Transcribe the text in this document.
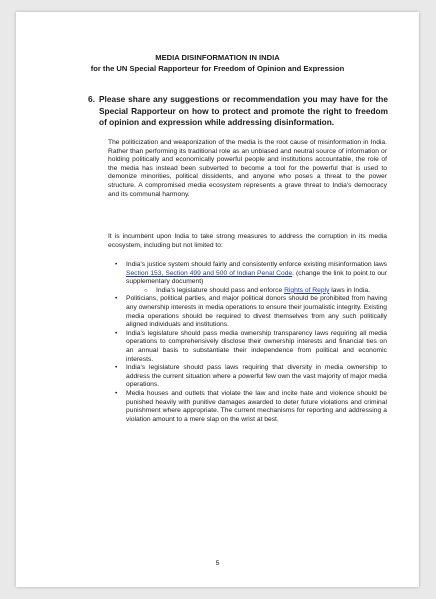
MEDIA DISINFORMATION IN INDIA
for the UN Special Rapporteur for Freedom of Opinion and Expression
6. Please share any suggestions or recommendation you may have for the Special Rapporteur on how to protect and promote the right to freedom of opinion and expression while addressing disinformation.
The politicization and weaponization of the media is the root cause of misinformation in India. Rather than performing its traditional role as an unbiased and neutral source of information or holding politically and economically powerful people and institutions accountable, the role of the media has instead been subverted to become a tool for the powerful that is used to demonize minorities, political dissidents, and anyone who poses a threat to the power structure. A compromised media ecosystem represents a grave threat to India's democracy and its communal harmony.
It is incumbent upon India to take strong measures to address the corruption in its media ecosystem, including but not limited to:
• India's justice system should fairly and consistently enforce existing misinformation laws Section 153, Section 499 and 500 of Indian Penal Code. (change the link to point to our supplementary document)
○ India's legislature should pass and enforce Rights of Reply laws in India.
• Politicians, political parties, and major political donors should be prohibited from having any ownership interests in media operations to ensure their journalistic integrity. Existing media operations should be required to divest themselves from any such politically aligned individuals and institutions.
• India's legislature should pass media ownership transparency laws requiring all media operations to comprehensively disclose their ownership interests and financial ties on an annual basis to substantiate their independence from political and economic interests.
• India's legislature should pass laws requiring that diversity in media ownership to address the current situation where a powerful few own the vast majority of major media operations.
• Media houses and outlets that violate the law and incite hate and violence should be punished heavily with punitive damages awarded to deter future violations and criminal punishment where appropriate. The current mechanisms for reporting and addressing a violation amount to a mere slap on the wrist at best.
5
